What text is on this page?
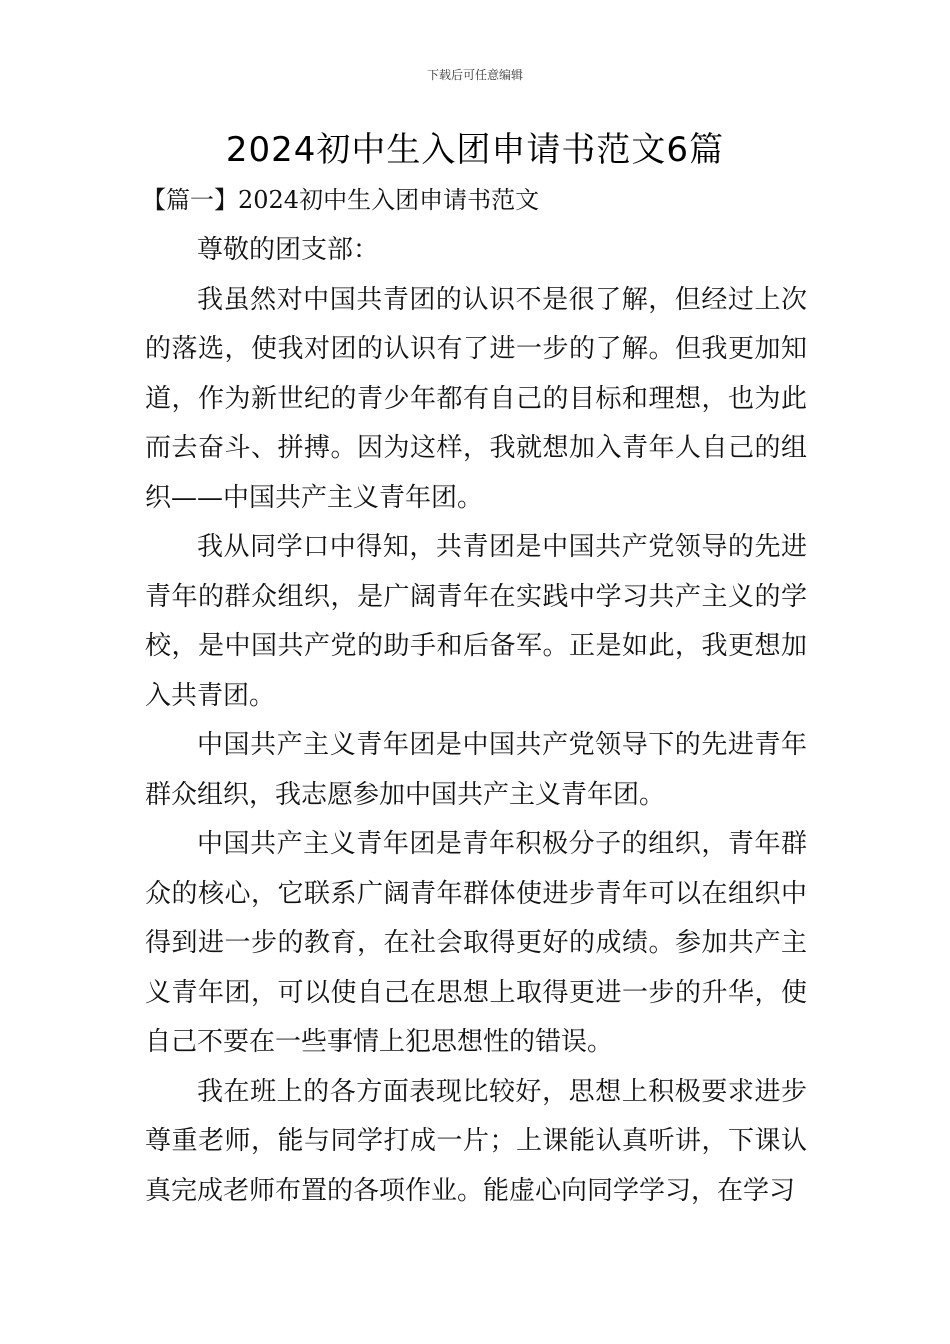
下载后可任意编辑
2024初中生入团申请书范文6篇
【篇一】2024初中生入团申请书范文

尊敬的团支部：

我虽然对中国共青团的认识不是很了解，但经过上次的落选，使我对团的认识有了进一步的了解。但我更加知道，作为新世纪的青少年都有自己的目标和理想，也为此而去奋斗、拼搏。因为这样，我就想加入青年人自己的组织——中国共产主义青年团。

我从同学口中得知，共青团是中国共产党领导的先进青年的群众组织，是广阔青年在实践中学习共产主义的学校，是中国共产党的助手和后备军。正是如此，我更想加入共青团。

中国共产主义青年团是中国共产党领导下的先进青年群众组织，我志愿参加中国共产主义青年团。

中国共产主义青年团是青年积极分子的组织，青年群众的核心，它联系广阔青年群体使进步青年可以在组织中得到进一步的教育，在社会取得更好的成绩。参加共产主义青年团，可以使自己在思想上取得更进一步的升华，使自己不要在一些事情上犯思想性的错误。

我在班上的各方面表现比较好，思想上积极要求进步尊重老师，能与同学打成一片；上课能认真听讲，下课认真完成老师布置的各项作业。能虚心向同学学习，在学习
